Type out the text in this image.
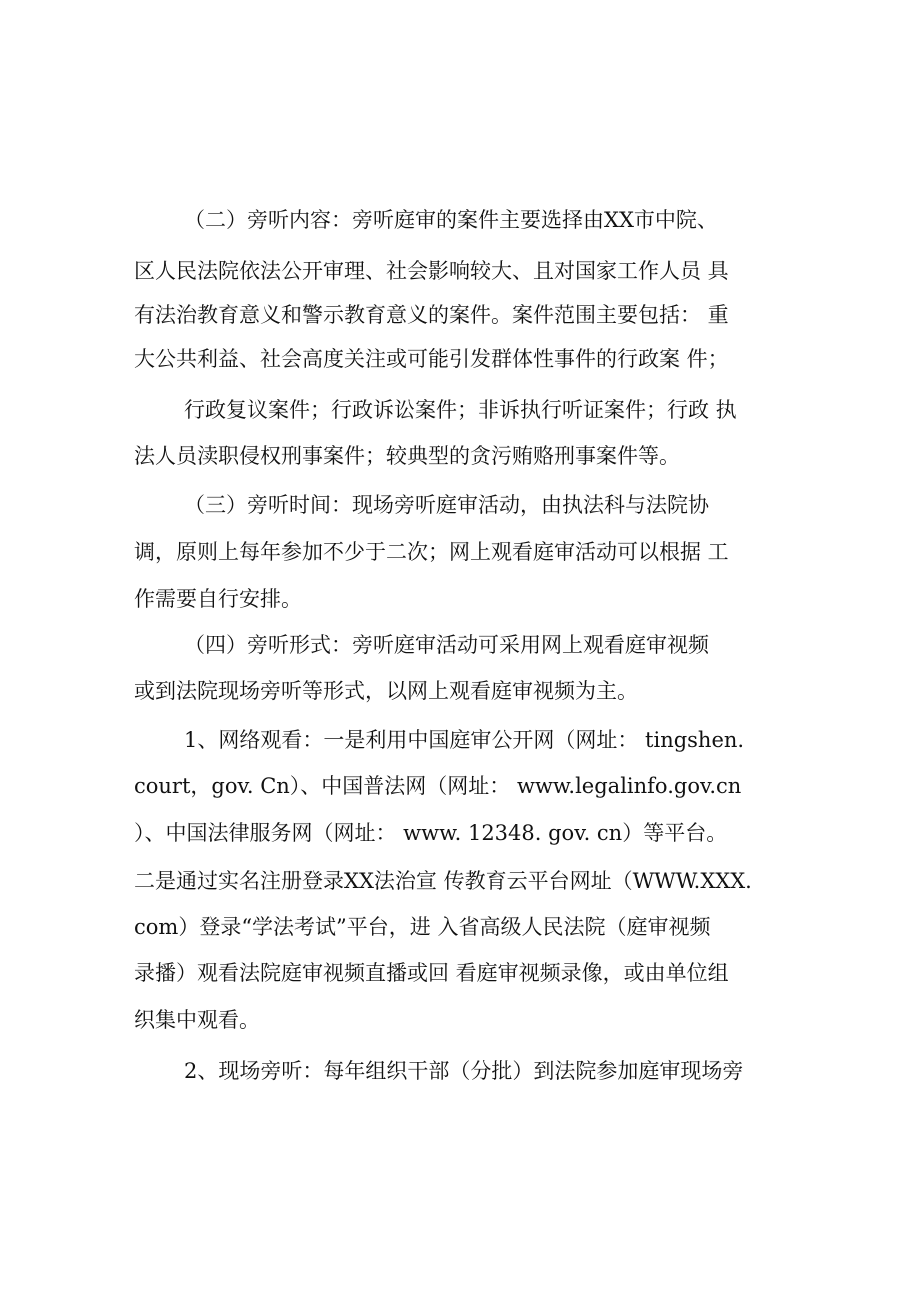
（二）旁听内容：旁听庭审的案件主要选择由XX市中院、
区人民法院依法公开审理、社会影响较大、且对国家工作人员 具
有法治教育意义和警示教育意义的案件。案件范围主要包括： 重
大公共利益、社会高度关注或可能引发群体性事件的行政案 件；
行政复议案件；行政诉讼案件；非诉执行听证案件；行政 执
法人员渎职侵权刑事案件；较典型的贪污贿赂刑事案件等。
（三）旁听时间：现场旁听庭审活动，由执法科与法院协
调，原则上每年参加不少于二次；网上观看庭审活动可以根据 工
作需要自行安排。
（四）旁听形式：旁听庭审活动可采用网上观看庭审视频
或到法院现场旁听等形式，以网上观看庭审视频为主。
1、网络观看：一是利用中国庭审公开网（网址： tingshen.
court，gov. Cn）、中国普法网（网址： www.legalinfo.gov.cn
）、中国法律服务网（网址： www. 12348. gov. cn）等平台。
二是通过实名注册登录XX法治宣 传教育云平台网址（WWW.XXX.
com）登录“学法考试”平台，进 入省高级人民法院（庭审视频
录播）观看法院庭审视频直播或回 看庭审视频录像，或由单位组
织集中观看。
2、现场旁听：每年组织干部（分批）到法院参加庭审现场旁
